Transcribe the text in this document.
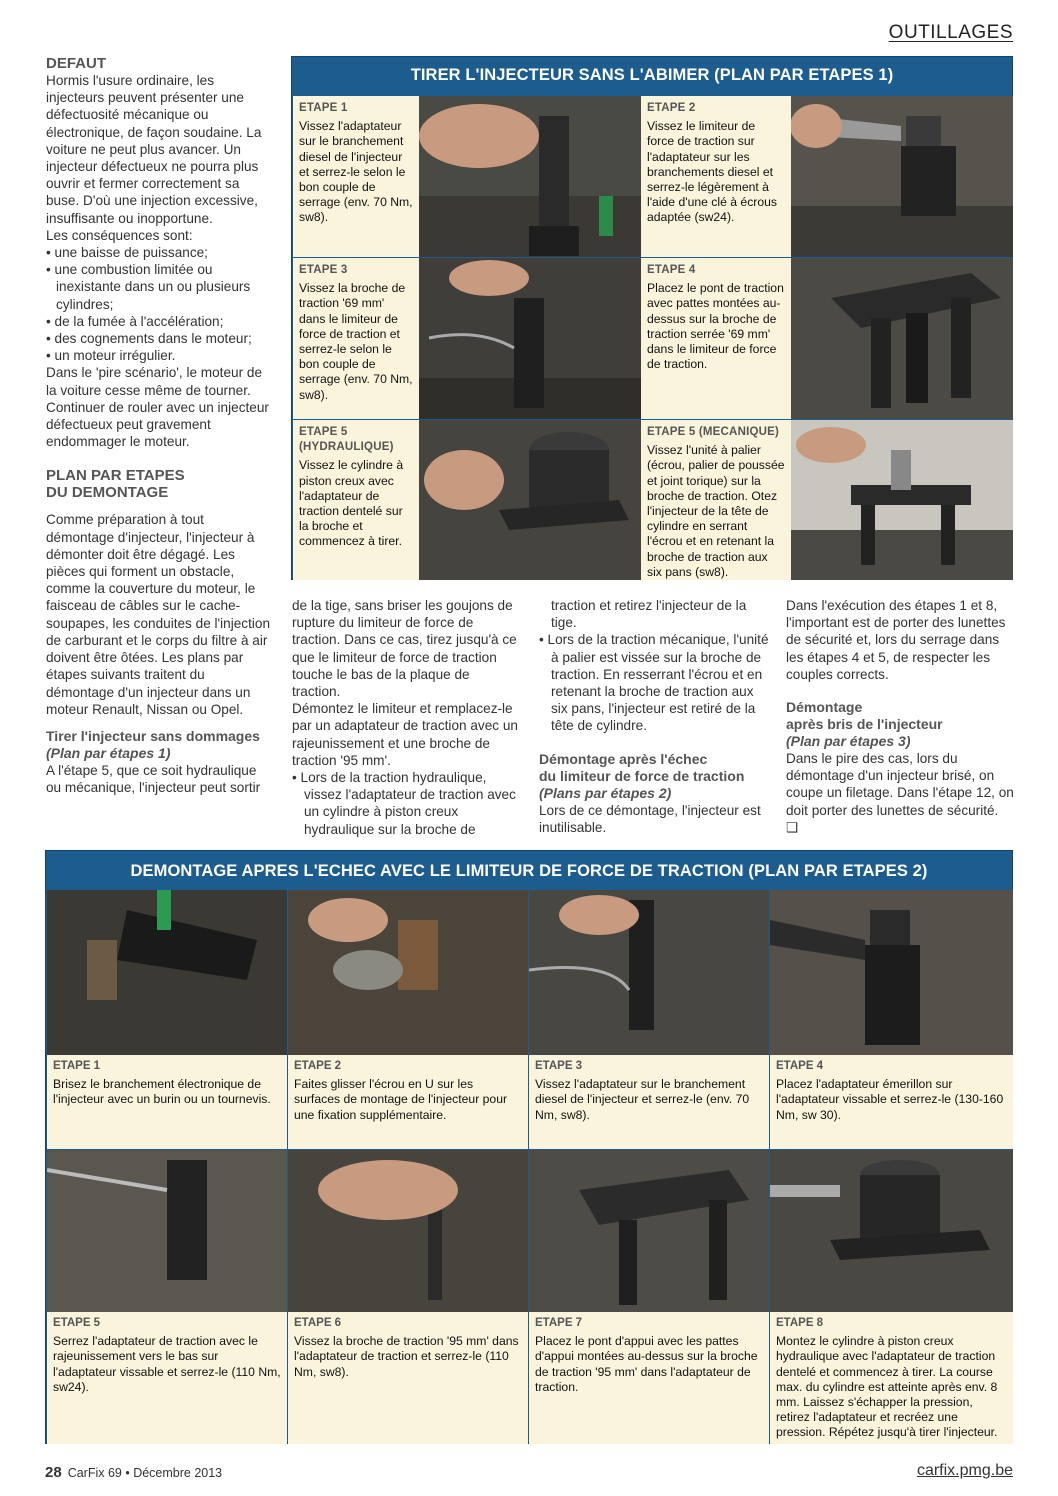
OUTILLAGES

DEFAUT

Hormis l'usure ordinaire, les injecteurs peuvent présenter une défectuosité mécanique ou électronique, de façon soudaine. La voiture ne peut plus avancer. Un injecteur défectueux ne pourra plus ouvrir et fermer correctement sa buse. D'où une injection excessive, insuffisante ou inopportune.

Les conséquences sont:

• une baisse de puissance;

• une combustion limitée ou inexistante dans un ou plusieurs cylindres;

• de la fumée à l'accélération;

• des cognements dans le moteur;

• un moteur irrégulier.

Dans le 'pire scénario', le moteur de la voiture cesse même de tourner. Continuer de rouler avec un injecteur défectueux peut gravement endommager le moteur.

PLAN PAR ETAPES

DU DEMONTAGE

Comme préparation à tout démontage d'injecteur, l'injecteur à démonter doit être dégagé. Les pièces qui forment un obstacle, comme la couverture du moteur, le faisceau de câbles sur le cache-soupapes, les conduites de l'injection de carburant et le corps du filtre à air doivent être ôtées. Les plans par étapes suivants traitent du démontage d'un injecteur dans un moteur Renault, Nissan ou Opel.

Tirer l'injecteur sans dommages

(Plan par étapes 1)

A l'étape 5, que ce soit hydraulique ou mécanique, l'injecteur peut sortir

TIRER L'INJECTEUR SANS L'ABIMER (PLAN PAR ETAPES 1)
ETAPE 1
Vissez l'adaptateur sur le branchement diesel de l'injecteur et serrez-le selon le bon couple de serrage (env. 70 Nm, sw8).
ETAPE 2
Vissez le limiteur de force de traction sur l'adaptateur sur les branchements diesel et serrez-le légèrement à l'aide d'une clé à écrous adaptée (sw24).
ETAPE 3
Vissez la broche de traction '69 mm' dans le limiteur de force de traction et serrez-le selon le bon couple de serrage (env. 70 Nm, sw8).
ETAPE 4
Placez le pont de traction avec pattes montées au-dessus sur la broche de traction serrée '69 mm' dans le limiteur de force de traction.
ETAPE 5 (HYDRAULIQUE)
Vissez le cylindre à piston creux avec l'adaptateur de traction dentelé sur la broche et commencez à tirer.
ETAPE 5 (MECANIQUE)
Vissez l'unité à palier (écrou, palier de poussée et joint torique) sur la broche de traction. Otez l'injecteur de la tête de cylindre en serrant l'écrou et en retenant la broche de traction aux six pans (sw8).

de la tige, sans briser les goujons de rupture du limiteur de force de traction. Dans ce cas, tirez jusqu'à ce que le limiteur de force de traction touche le bas de la plaque de traction.

Démontez le limiteur et remplacez-le par un adaptateur de traction avec un rajeunissement et une broche de traction '95 mm'.

• Lors de la traction hydraulique, vissez l'adaptateur de traction avec un cylindre à piston creux hydraulique sur la broche de

traction et retirez l'injecteur de la tige.

• Lors de la traction mécanique, l'unité à palier est vissée sur la broche de traction. En resserrant l'écrou et en retenant la broche de traction aux six pans, l'injecteur est retiré de la tête de cylindre.

Démontage après l'échec

du limiteur de force de traction

(Plans par étapes 2)

Lors de ce démontage, l'injecteur est inutilisable.

Dans l'exécution des étapes 1 et 8, l'important est de porter des lunettes de sécurité et, lors du serrage dans les étapes 4 et 5, de respecter les couples corrects.

Démontage

après bris de l'injecteur

(Plan par étapes 3)

Dans le pire des cas, lors du démontage d'un injecteur brisé, on coupe un filetage. Dans l'étape 12, on doit porter des lunettes de sécurité. ❑

DEMONTAGE APRES L'ECHEC AVEC LE LIMITEUR DE FORCE DE TRACTION (PLAN PAR ETAPES 2)
ETAPE 1
Brisez le branchement électronique de l'injecteur avec un burin ou un tournevis.
ETAPE 2
Faites glisser l'écrou en U sur les surfaces de montage de l'injecteur pour une fixation supplémentaire.
ETAPE 3
Vissez l'adaptateur sur le branchement diesel de l'injecteur et serrez-le (env. 70 Nm, sw8).
ETAPE 4
Placez l'adaptateur émerillon sur l'adaptateur vissable et serrez-le (130-160 Nm, sw 30).
ETAPE 5
Serrez l'adaptateur de traction avec le rajeunissement vers le bas sur l'adaptateur vissable et serrez-le (110 Nm, sw24).
ETAPE 6
Vissez la broche de traction '95 mm' dans l'adaptateur de traction et serrez-le (110 Nm, sw8).
ETAPE 7
Placez le pont d'appui avec les pattes d'appui montées au-dessus sur la broche de traction '95 mm' dans l'adaptateur de traction.
ETAPE 8
Montez le cylindre à piston creux hydraulique avec l'adaptateur de traction dentelé et commencez à tirer. La course max. du cylindre est atteinte après env. 8 mm. Laissez s'échapper la pression, retirez l'adaptateur et recréez une pression. Répétez jusqu'à tirer l'injecteur.
28 CarFix 69 • Décembre 2013	carfix.pmg.be
